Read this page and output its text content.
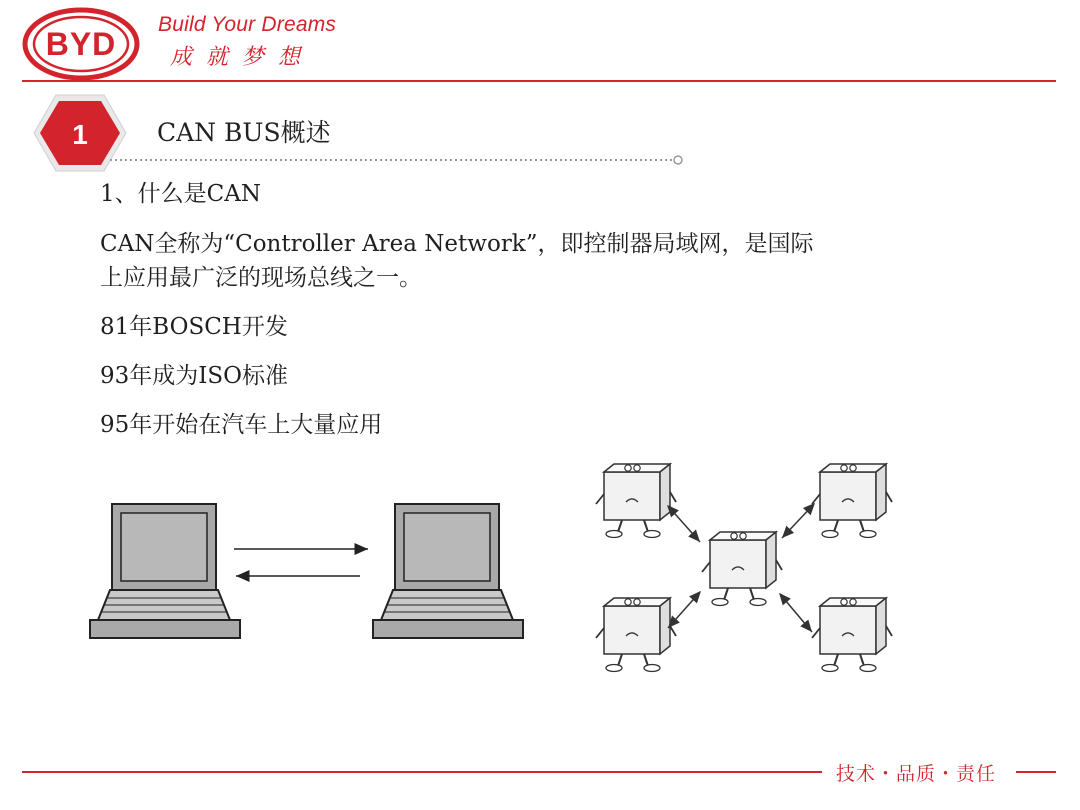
BYD
Build Your Dreams
成就梦想
1	CAN BUS概述
1、什么是CAN
CAN全称为“Controller Area Network”，即控制器局域网，是国际
上应用最广泛的现场总线之一。
81年BOSCH开发
93年成为ISO标准
95年开始在汽车上大量应用
技术・品质・责任
